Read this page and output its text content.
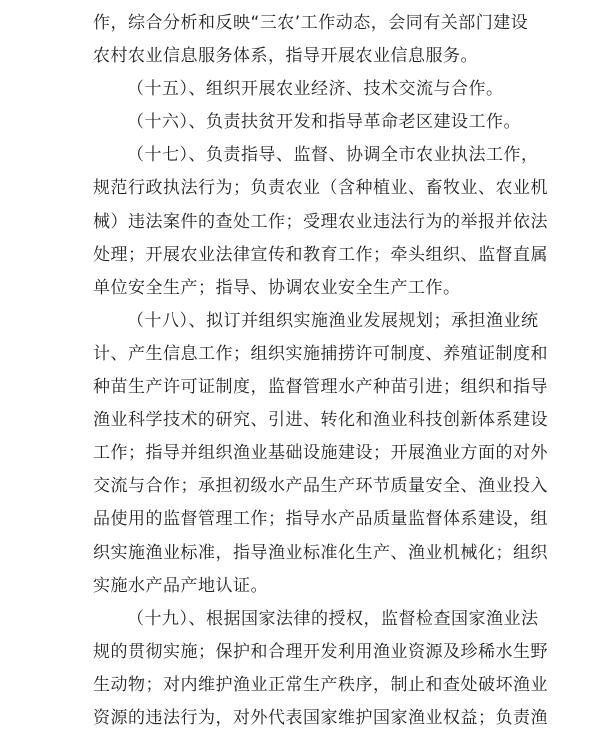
作，综合分析和反映“三农’工作动态，会同有关部门建设
农村农业信息服务体系，指导开展农业信息服务。
（十五）、组织开展农业经济、技术交流与合作。
（十六）、负责扶贫开发和指导革命老区建设工作。
（十七）、负责指导、监督、协调全市农业执法工作，
规范行政执法行为；负责农业（含种植业、畜牧业、农业机
械）违法案件的查处工作；受理农业违法行为的举报并依法
处理；开展农业法律宣传和教育工作；牵头组织、监督直属
单位安全生产；指导、协调农业安全生产工作。
（十八）、拟订并组织实施渔业发展规划；承担渔业统
计、产生信息工作；组织实施捕捞许可制度、养殖证制度和
种苗生产许可证制度，监督管理水产种苗引进；组织和指导
渔业科学技术的研究、引进、转化和渔业科技创新体系建设
工作；指导并组织渔业基础设施建设；开展渔业方面的对外
交流与合作；承担初级水产品生产环节质量安全、渔业投入
品使用的监督管理工作；指导水产品质量监督体系建设，组
织实施渔业标准，指导渔业标准化生产、渔业机械化；组织
实施水产品产地认证。
（十九）、根据国家法律的授权，监督检查国家渔业法
规的贯彻实施；保护和合理开发利用渔业资源及珍稀水生野
生动物；对内维护渔业正常生产秩序，制止和查处破坏渔业
资源的违法行为，对外代表国家维护国家渔业权益；负责渔
